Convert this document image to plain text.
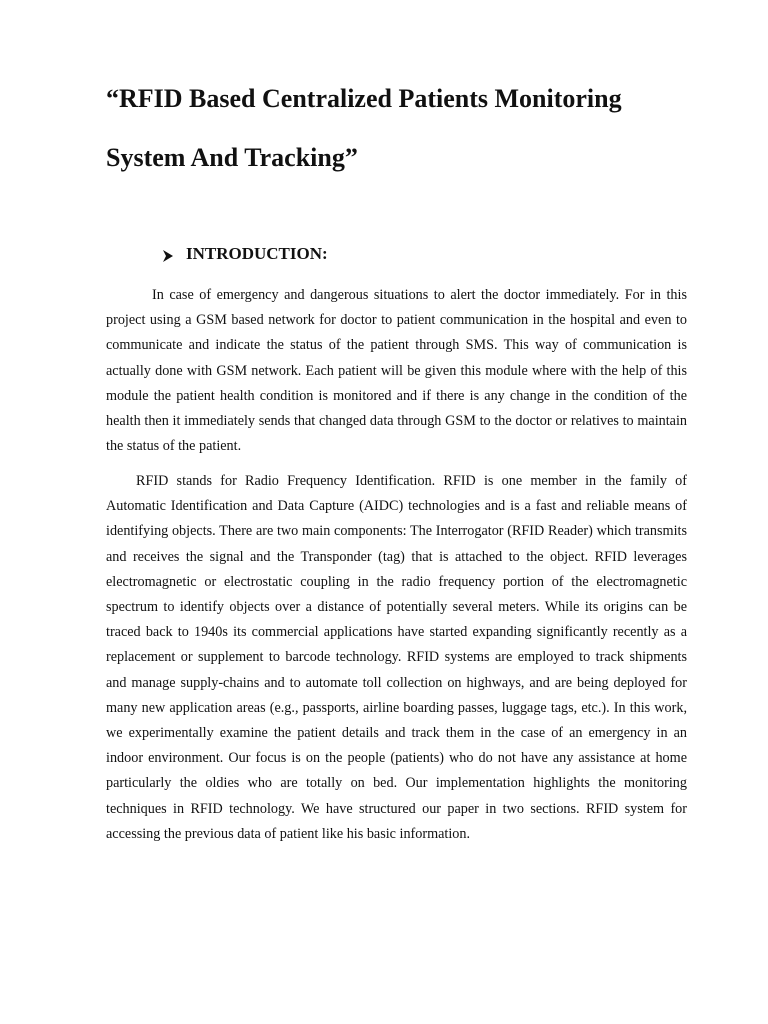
“RFID Based Centralized Patients Monitoring
System And Tracking”
INTRODUCTION:

In case of emergency and dangerous situations to alert the doctor immediately. For in this project using a GSM based network for doctor to patient communication in the hospital and even to communicate and indicate the status of the patient through SMS. This way of communication is actually done with GSM network. Each patient will be given this module where with the help of this module the patient health condition is monitored and if there is any change in the condition of the health then it immediately sends that changed data through GSM to the doctor or relatives to maintain the status of the patient.

RFID stands for Radio Frequency Identification. RFID is one member in the family of Automatic Identification and Data Capture (AIDC) technologies and is a fast and reliable means of identifying objects. There are two main components: The Interrogator (RFID Reader) which transmits and receives the signal and the Transponder (tag) that is attached to the object. RFID leverages electromagnetic or electrostatic coupling in the radio frequency portion of the electromagnetic spectrum to identify objects over a distance of potentially several meters. While its origins can be traced back to 1940s its commercial applications have started expanding significantly recently as a replacement or supplement to barcode technology. RFID systems are employed to track shipments and manage supply-chains and to automate toll collection on highways, and are being deployed for many new application areas (e.g., passports, airline boarding passes, luggage tags, etc.). In this work, we experimentally examine the patient details and track them in the case of an emergency in an indoor environment. Our focus is on the people (patients) who do not have any assistance at home particularly the oldies who are totally on bed. Our implementation highlights the monitoring techniques in RFID technology. We have structured our paper in two sections. RFID system for accessing the previous data of patient like his basic information.
